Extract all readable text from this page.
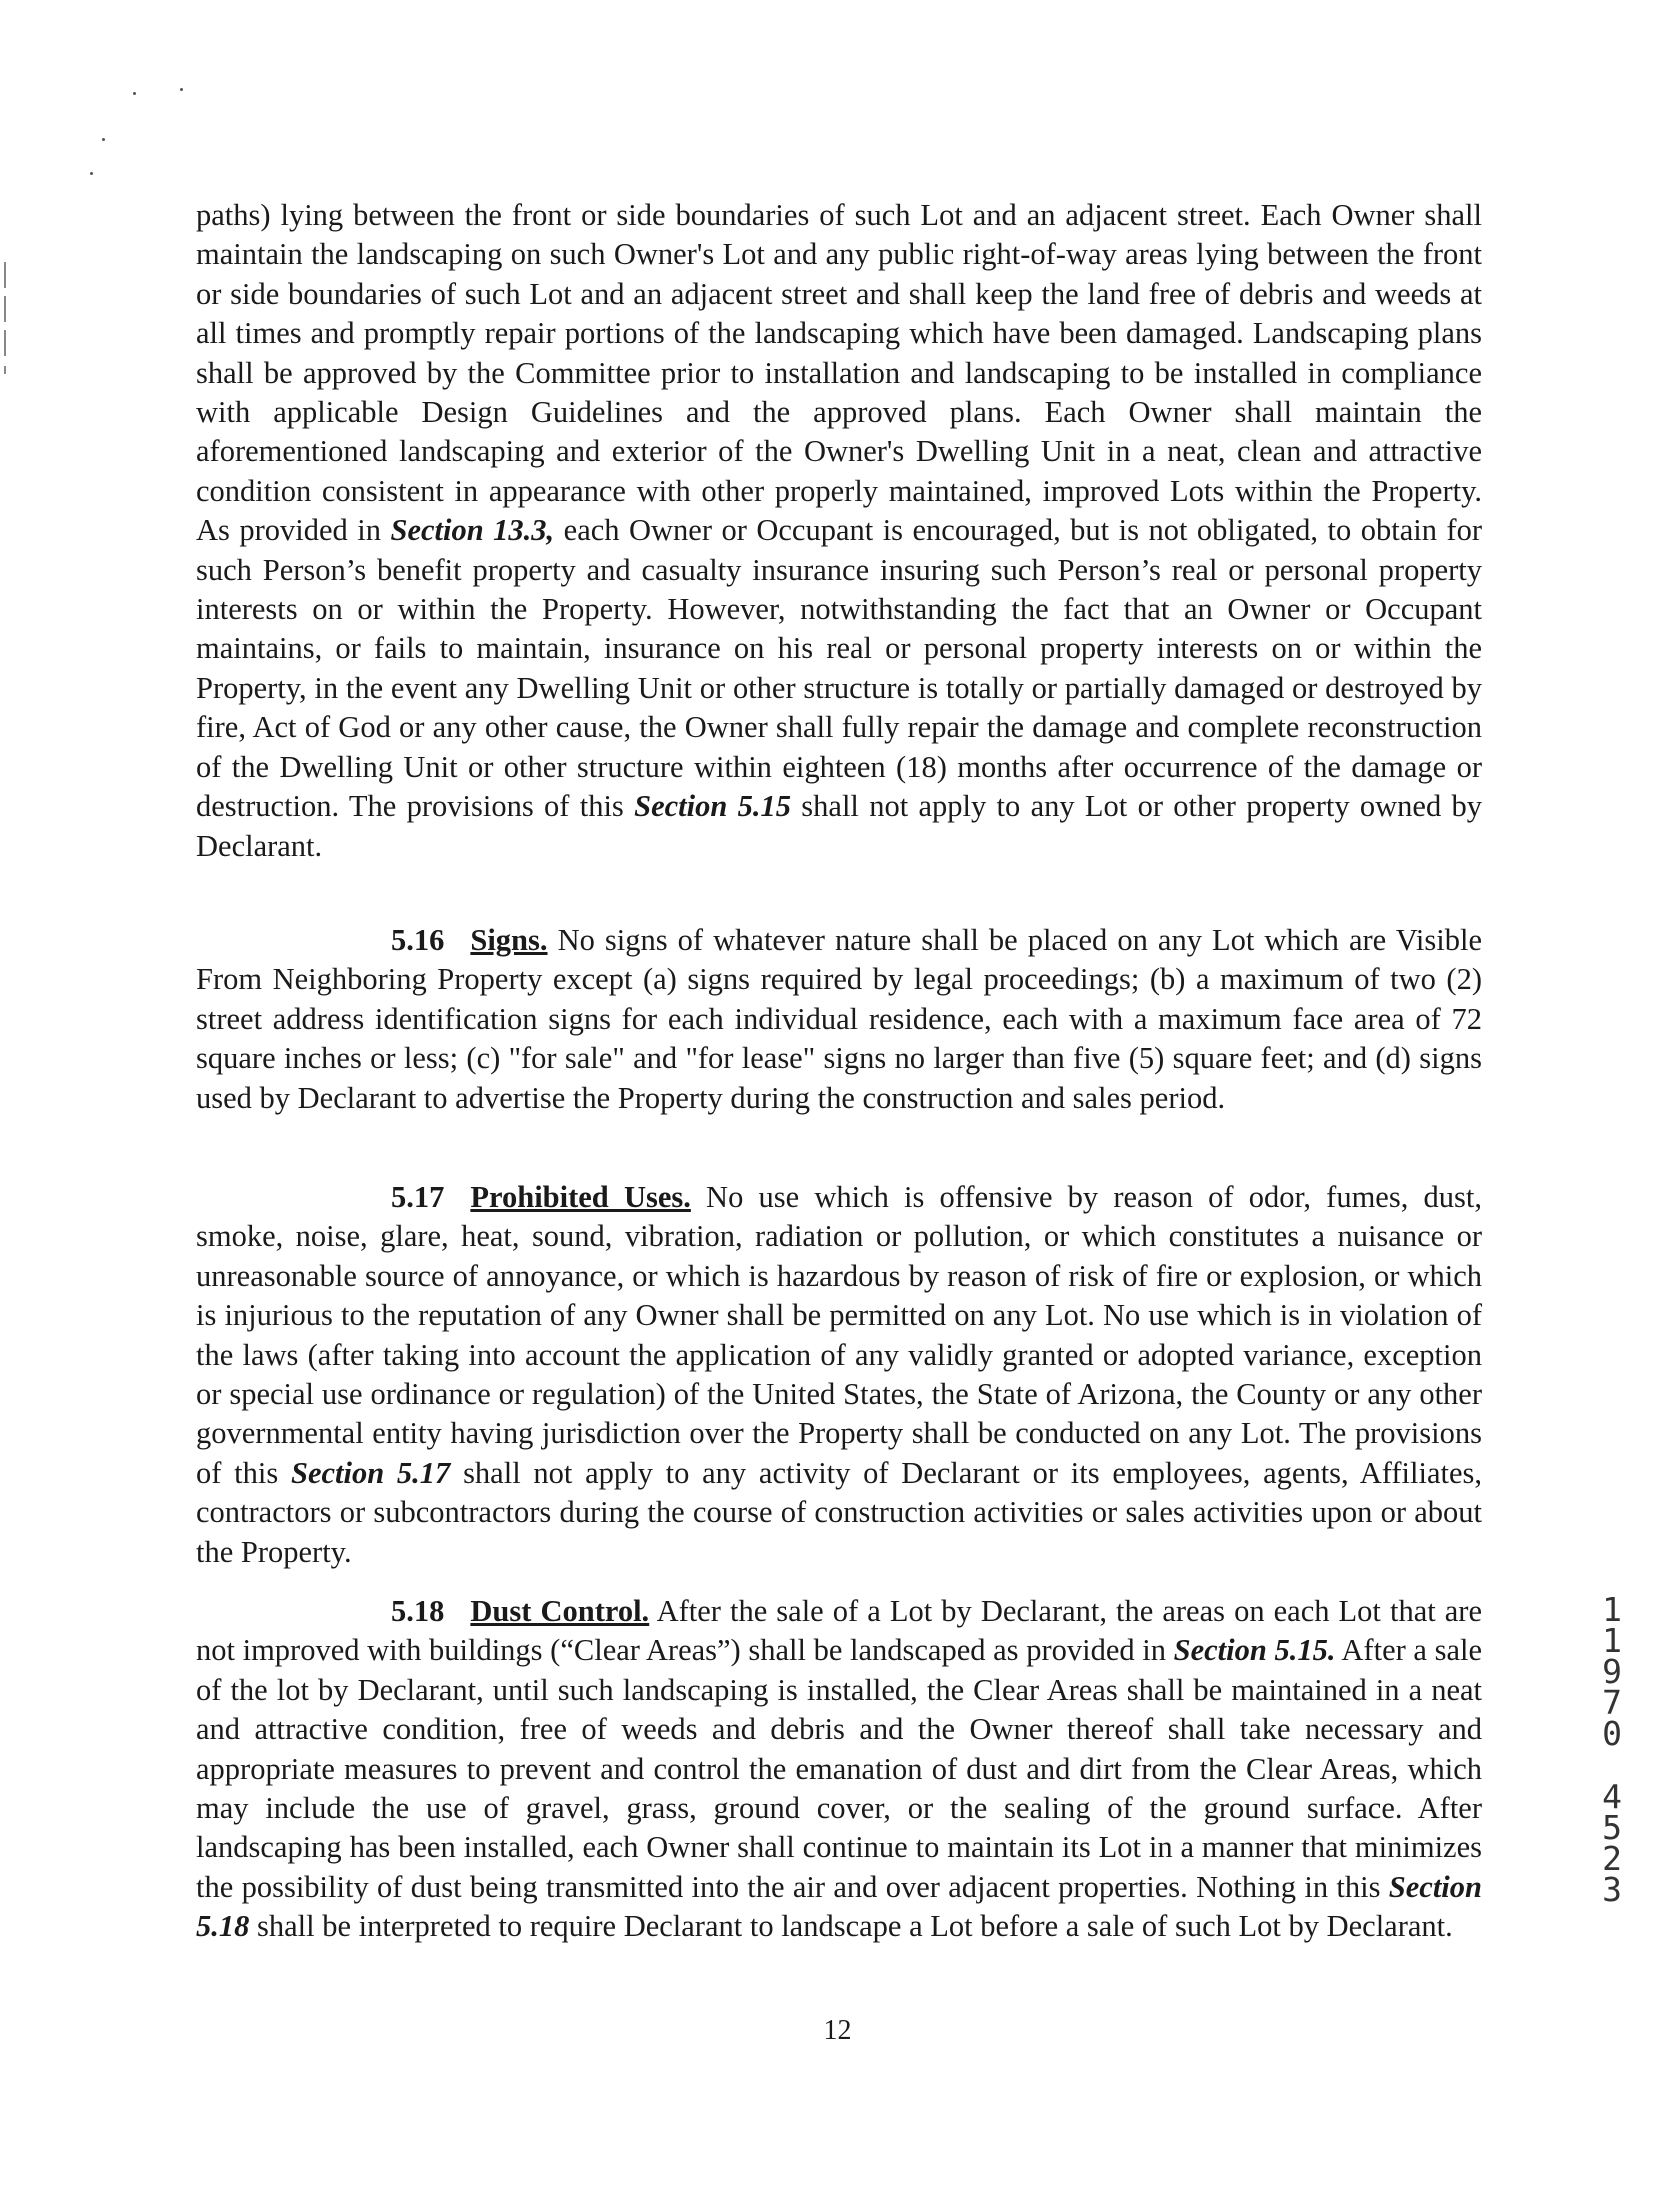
paths) lying between the front or side boundaries of such Lot and an adjacent street. Each Owner shall maintain the landscaping on such Owner's Lot and any public right-of-way areas lying between the front or side boundaries of such Lot and an adjacent street and shall keep the land free of debris and weeds at all times and promptly repair portions of the landscaping which have been damaged. Landscaping plans shall be approved by the Committee prior to installation and landscaping to be installed in compliance with applicable Design Guidelines and the approved plans. Each Owner shall maintain the aforementioned landscaping and exterior of the Owner's Dwelling Unit in a neat, clean and attractive condition consistent in appearance with other properly maintained, improved Lots within the Property. As provided in Section 13.3, each Owner or Occupant is encouraged, but is not obligated, to obtain for such Person’s benefit property and casualty insurance insuring such Person’s real or personal property interests on or within the Property. However, notwithstanding the fact that an Owner or Occupant maintains, or fails to maintain, insurance on his real or personal property interests on or within the Property, in the event any Dwelling Unit or other structure is totally or partially damaged or destroyed by fire, Act of God or any other cause, the Owner shall fully repair the damage and complete reconstruction of the Dwelling Unit or other structure within eighteen (18) months after occurrence of the damage or destruction. The provisions of this Section 5.15 shall not apply to any Lot or other property owned by Declarant.

5.16 Signs. No signs of whatever nature shall be placed on any Lot which are Visible From Neighboring Property except (a) signs required by legal proceedings; (b) a maximum of two (2) street address identification signs for each individual residence, each with a maximum face area of 72 square inches or less; (c) "for sale" and "for lease" signs no larger than five (5) square feet; and (d) signs used by Declarant to advertise the Property during the construction and sales period.

5.17 Prohibited Uses. No use which is offensive by reason of odor, fumes, dust, smoke, noise, glare, heat, sound, vibration, radiation or pollution, or which constitutes a nuisance or unreasonable source of annoyance, or which is hazardous by reason of risk of fire or explosion, or which is injurious to the reputation of any Owner shall be permitted on any Lot. No use which is in violation of the laws (after taking into account the application of any validly granted or adopted variance, exception or special use ordinance or regulation) of the United States, the State of Arizona, the County or any other governmental entity having jurisdiction over the Property shall be conducted on any Lot. The provisions of this Section 5.17 shall not apply to any activity of Declarant or its employees, agents, Affiliates, contractors or subcontractors during the course of construction activities or sales activities upon or about the Property.

5.18 Dust Control. After the sale of a Lot by Declarant, the areas on each Lot that are not improved with buildings (“Clear Areas”) shall be landscaped as provided in Section 5.15. After a sale of the lot by Declarant, until such landscaping is installed, the Clear Areas shall be maintained in a neat and attractive condition, free of weeds and debris and the Owner thereof shall take necessary and appropriate measures to prevent and control the emanation of dust and dirt from the Clear Areas, which may include the use of gravel, grass, ground cover, or the sealing of the ground surface. After landscaping has been installed, each Owner shall continue to maintain its Lot in a manner that minimizes the possibility of dust being transmitted into the air and over adjacent properties. Nothing in this Section 5.18 shall be interpreted to require Declarant to landscape a Lot before a sale of such Lot by Declarant.

1
1
9
7
0
4
5
2
3
12
